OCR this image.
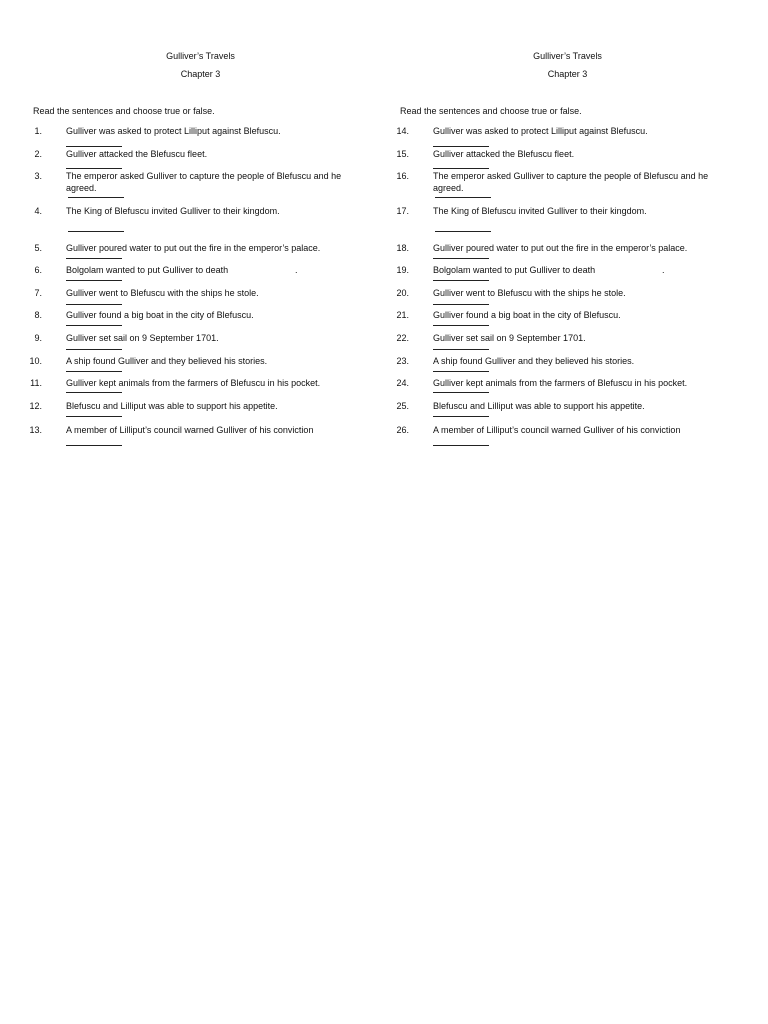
Gulliver’s Travels
Chapter 3
Read the sentences and choose true or false.
1.	Gulliver was asked to protect Lilliput against Blefuscu.
2.	Gulliver attacked the Blefuscu fleet.
3.	The emperor asked Gulliver to capture the people of Blefuscu and he agreed.
4.	The King of Blefuscu invited Gulliver to their kingdom.
5.	Gulliver poured water to put out the fire in the emperor’s palace.
6.	Bolgolam wanted to put Gulliver to death	.
7.	Gulliver went to Blefuscu with the ships he stole.
8.	Gulliver found a big boat in the city of Blefuscu.
9.	Gulliver set sail on 9 September 1701.
10.	A ship found Gulliver and they believed his stories.
11.	Gulliver kept animals from the farmers of Blefuscu in his pocket.
12.	Blefuscu and Lilliput was able to support his appetite.
13.	A member of Lilliput’s council warned Gulliver of his conviction
Gulliver’s Travels
Chapter 3
Read the sentences and choose true or false.
14.	Gulliver was asked to protect Lilliput against Blefuscu.
15.	Gulliver attacked the Blefuscu fleet.
16.	The emperor asked Gulliver to capture the people of Blefuscu and he agreed.
17.	The King of Blefuscu invited Gulliver to their kingdom.
18.	Gulliver poured water to put out the fire in the emperor’s palace.
19.	Bolgolam wanted to put Gulliver to death	.
20.	Gulliver went to Blefuscu with the ships he stole.
21.	Gulliver found a big boat in the city of Blefuscu.
22.	Gulliver set sail on 9 September 1701.
23.	A ship found Gulliver and they believed his stories.
24.	Gulliver kept animals from the farmers of Blefuscu in his pocket.
25.	Blefuscu and Lilliput was able to support his appetite.
26.	A member of Lilliput’s council warned Gulliver of his conviction
